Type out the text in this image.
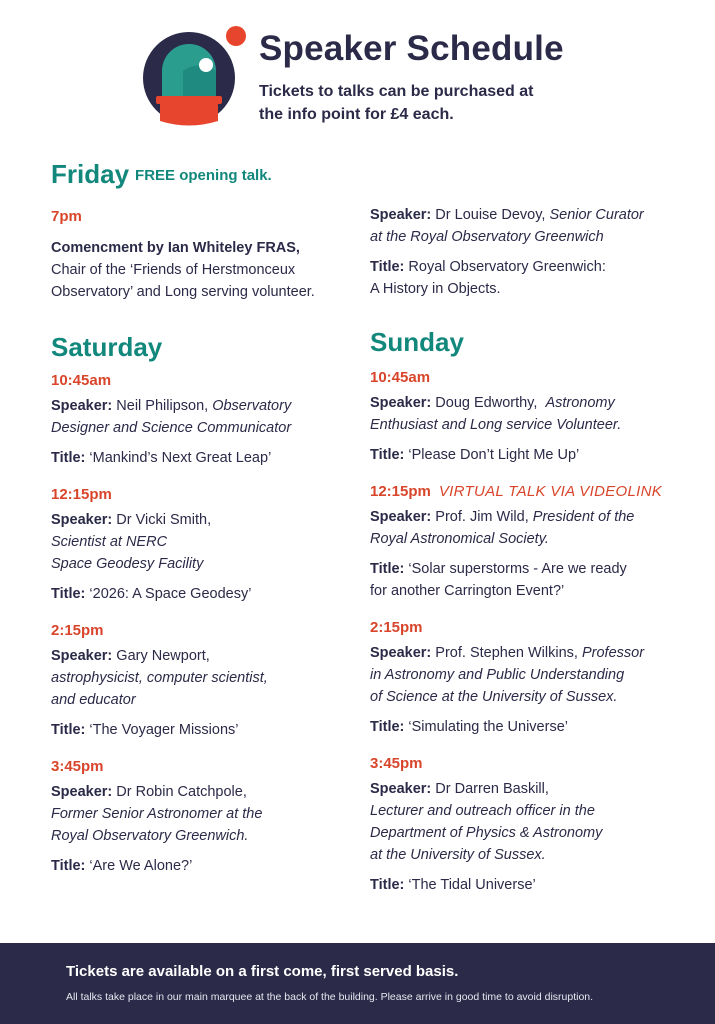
Speaker Schedule

Tickets to talks can be purchased at the info point for £4 each.

Friday FREE opening talk.
7pm
Comencment by Ian Whiteley FRAS,
Chair of the ‘Friends of Herstmonceux
Observatory’ and Long serving volunteer.
Saturday
10:45am
Speaker: Neil Philipson, Observatory
Designer and Science Communicator
Title: ‘Mankind’s Next Great Leap’
12:15pm
Speaker: Dr Vicki Smith,
Scientist at NERC
Space Geodesy Facility
Title: ‘2026: A Space Geodesy’
2:15pm
Speaker: Gary Newport,
astrophysicist, computer scientist,
and educator
Title: ‘The Voyager Missions’
3:45pm
Speaker: Dr Robin Catchpole,
Former Senior Astronomer at the
Royal Observatory Greenwich.
Title: ‘Are We Alone?’
Speaker: Dr Louise Devoy, Senior Curator
at the Royal Observatory Greenwich
Title: Royal Observatory Greenwich:
A History in Objects.
Sunday
10:45am
Speaker: Doug Edworthy, Astronomy
Enthusiast and Long service Volunteer.
Title: ‘Please Don’t Light Me Up’
12:15pm VIRTUAL TALK VIA VIDEOLINK
Speaker: Prof. Jim Wild, President of the
Royal Astronomical Society.
Title: ‘Solar superstorms - Are we ready
for another Carrington Event?’
2:15pm
Speaker: Prof. Stephen Wilkins, Professor
in Astronomy and Public Understanding
of Science at the University of Sussex.
Title: ‘Simulating the Universe’
3:45pm
Speaker: Dr Darren Baskill,
Lecturer and outreach officer in the
Department of Physics & Astronomy
at the University of Sussex.
Title: ‘The Tidal Universe’
Tickets are available on a first come, first served basis.
All talks take place in our main marquee at the back of the building. Please arrive in good time to avoid disruption.
